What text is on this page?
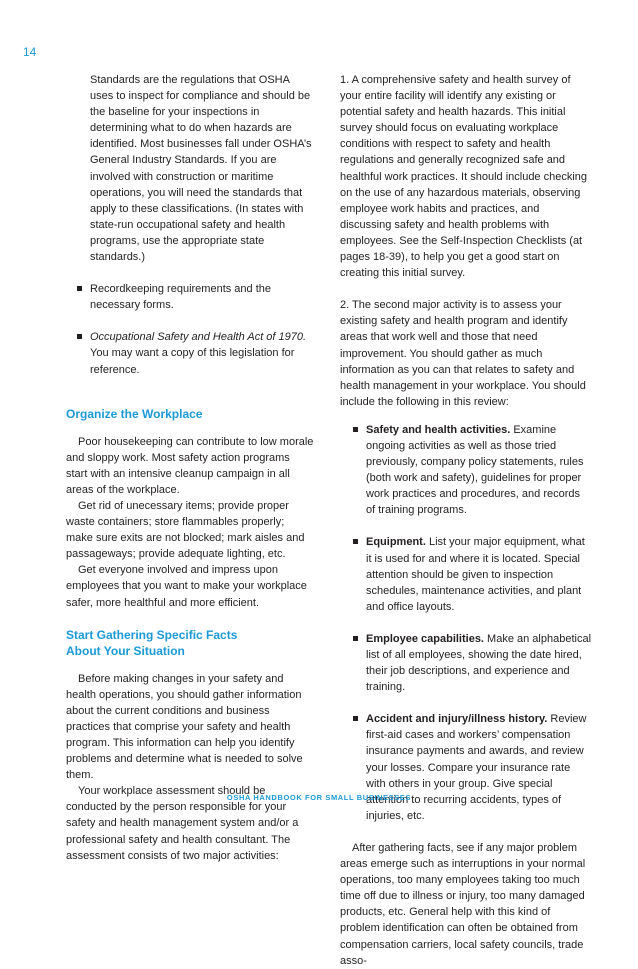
14

Standards are the regulations that OSHA uses to inspect for compliance and should be the baseline for your inspections in determining what to do when hazards are identified. Most businesses fall under OSHA’s General Industry Standards. If you are involved with construction or maritime operations, you will need the standards that apply to these classifications. (In states with state-run occupational safety and health programs, use the appropriate state standards.)

Recordkeeping requirements and the necessary forms.
Occupational Safety and Health Act of 1970. You may want a copy of this legislation for reference.
Organize the Workplace

Poor housekeeping can contribute to low morale and sloppy work. Most safety action programs start with an intensive cleanup campaign in all areas of the workplace.

Get rid of unecessary items; provide proper waste containers; store flammables properly; make sure exits are not blocked; mark aisles and passageways; provide adequate lighting, etc.

Get everyone involved and impress upon employees that you want to make your workplace safer, more healthful and more efficient.

Start Gathering Specific Facts
About Your Situation

Before making changes in your safety and health operations, you should gather information about the current conditions and business practices that comprise your safety and health program. This information can help you identify problems and determine what is needed to solve them.

Your workplace assessment should be conducted by the person responsible for your safety and health management system and/or a professional safety and health consultant. The assessment consists of two major activities:

2. The second major activity is to assess your existing safety and health program and identify areas that work well and those that need improvement. You should gather as much information as you can that relates to safety and health management in your workplace. You should include the following in this review:

Safety and health activities. Examine ongoing activities as well as those tried previously, company policy statements, rules (both work and safety), guidelines for proper work practices and procedures, and records of training programs.
Equipment. List your major equipment, what it is used for and where it is located. Special attention should be given to inspection schedules, maintenance activities, and plant and office layouts.
Employee capabilities. Make an alphabetical list of all employees, showing the date hired, their job descriptions, and experience and training.
Accident and injury/illness history. Review first-aid cases and workers’ compensation insurance payments and awards, and review your losses. Compare your insurance rate with others in your group. Give special attention to recurring accidents, types of injuries, etc.

After gathering facts, see if any major problem areas emerge such as interruptions in your normal operations, too many employees taking too much time off due to illness or injury, too many damaged products, etc. General help with this kind of problem identification can often be obtained from compensation carriers, local safety councils, trade asso-

OSHA HANDBOOK FOR SMALL BUSINESSES

1. A comprehensive safety and health survey of your entire facility will identify any existing or potential safety and health hazards. This initial survey should focus on evaluating workplace conditions with respect to safety and health regulations and generally recognized safe and healthful work practices. It should include checking on the use of any hazardous materials, observing employee work habits and practices, and discussing safety and health problems with employees. See the Self-Inspection Checklists (at pages 18-39), to help you get a good start on creating this initial survey.
